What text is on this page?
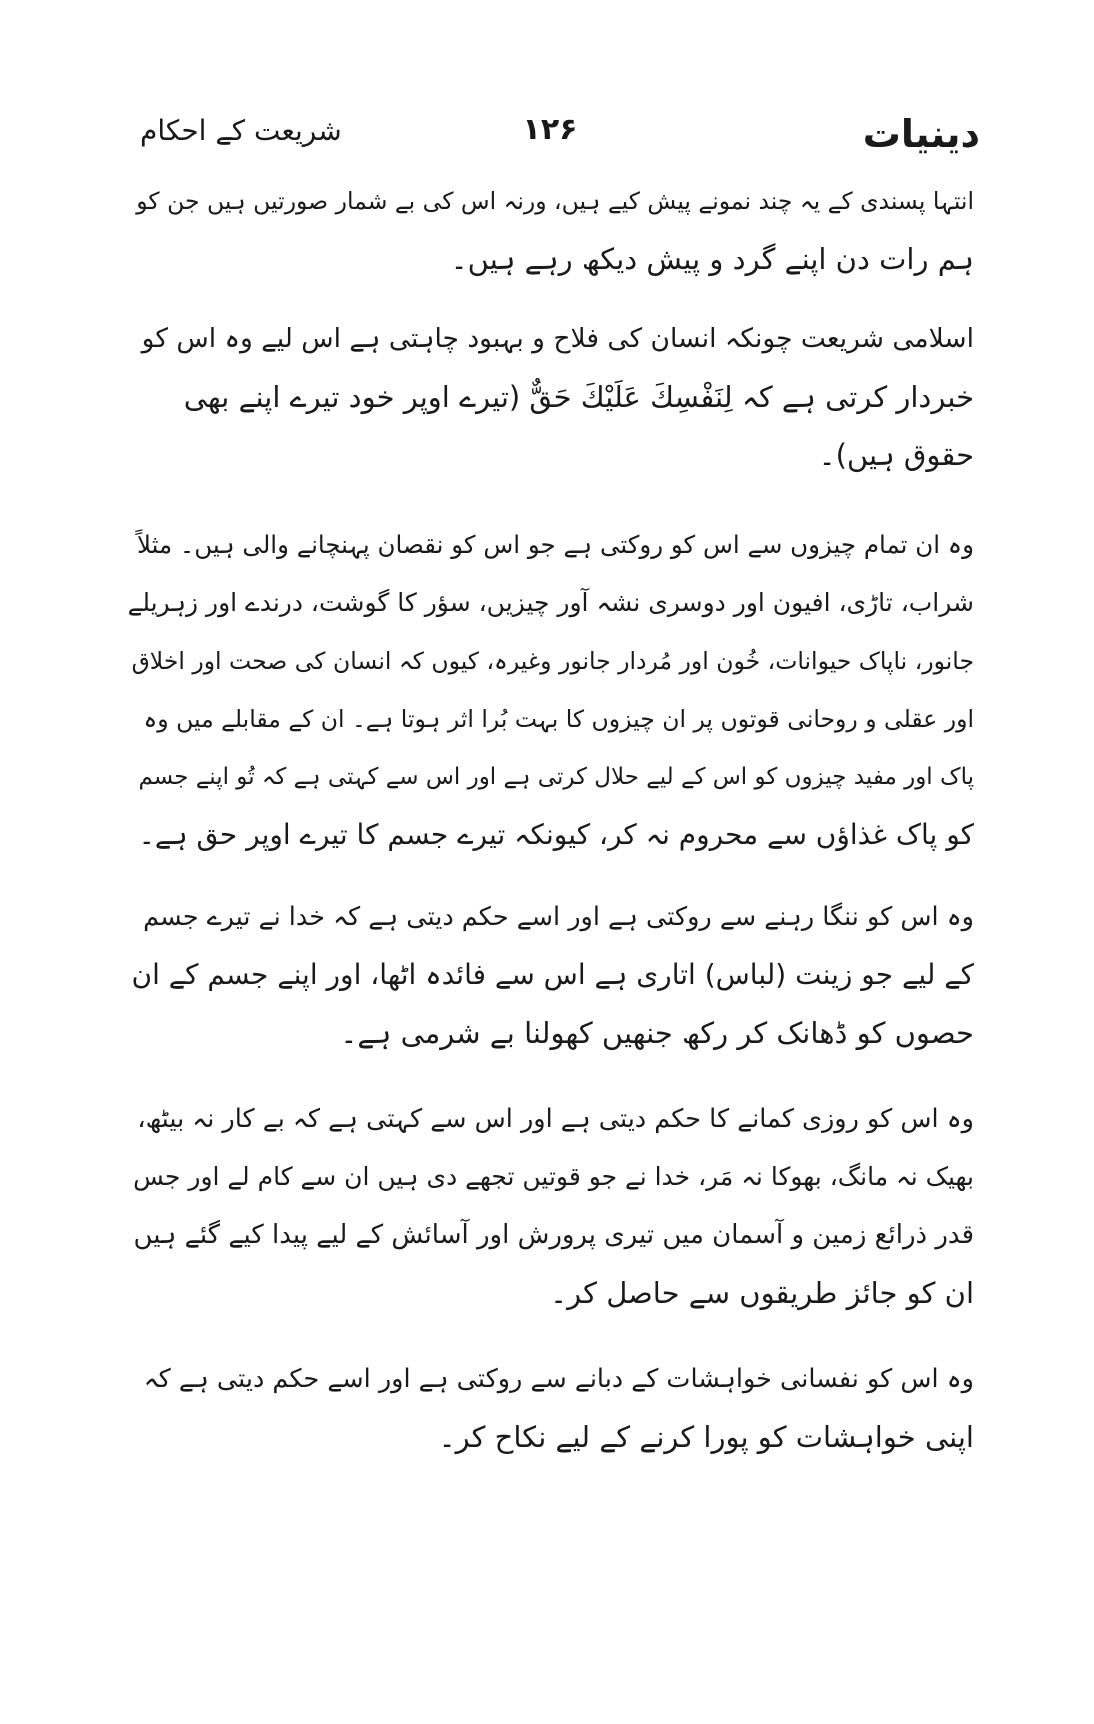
دینیات
۱۲۶
شریعت کے احکام
انتہا پسندی کے یہ چند نمونے پیش کیے ہیں، ورنہ اس کی بے شمار صورتیں ہیں جن کو
ہم رات دن اپنے گرد و پیش دیکھ رہے ہیں۔
اسلامی شریعت چونکہ انسان کی فلاح و بہبود چاہتی ہے اس لیے وہ اس کو
خبردار کرتی ہے کہ لِنَفْسِكَ عَلَيْكَ حَقٌّ (تیرے اوپر خود تیرے اپنے بھی
حقوق ہیں)۔
وہ ان تمام چیزوں سے اس کو روکتی ہے جو اس کو نقصان پہنچانے والی ہیں۔ مثلاً
شراب، تاڑی، افیون اور دوسری نشہ آور چیزیں، سؤر کا گوشت، درندے اور زہریلے
جانور، ناپاک حیوانات، خُون اور مُردار جانور وغیرہ، کیوں کہ انسان کی صحت اور اخلاق
اور عقلی و روحانی قوتوں پر ان چیزوں کا بہت بُرا اثر ہوتا ہے۔ ان کے مقابلے میں وہ
پاک اور مفید چیزوں کو اس کے لیے حلال کرتی ہے اور اس سے کہتی ہے کہ تُو اپنے جسم
کو پاک غذاؤں سے محروم نہ کر، کیونکہ تیرے جسم کا تیرے اوپر حق ہے۔
وہ اس کو ننگا رہنے سے روکتی ہے اور اسے حکم دیتی ہے کہ خدا نے تیرے جسم
کے لیے جو زینت (لباس) اتاری ہے اس سے فائدہ اٹھا، اور اپنے جسم کے ان
حصوں کو ڈھانک کر رکھ جنھیں کھولنا بے شرمی ہے۔
وہ اس کو روزی کمانے کا حکم دیتی ہے اور اس سے کہتی ہے کہ بے کار نہ بیٹھ،
بھیک نہ مانگ، بھوکا نہ مَر، خدا نے جو قوتیں تجھے دی ہیں ان سے کام لے اور جس
قدر ذرائع زمین و آسمان میں تیری پرورش اور آسائش کے لیے پیدا کیے گئے ہیں
ان کو جائز طریقوں سے حاصل کر۔
وہ اس کو نفسانی خواہشات کے دبانے سے روکتی ہے اور اسے حکم دیتی ہے کہ
اپنی خواہشات کو پورا کرنے کے لیے نکاح کر۔
